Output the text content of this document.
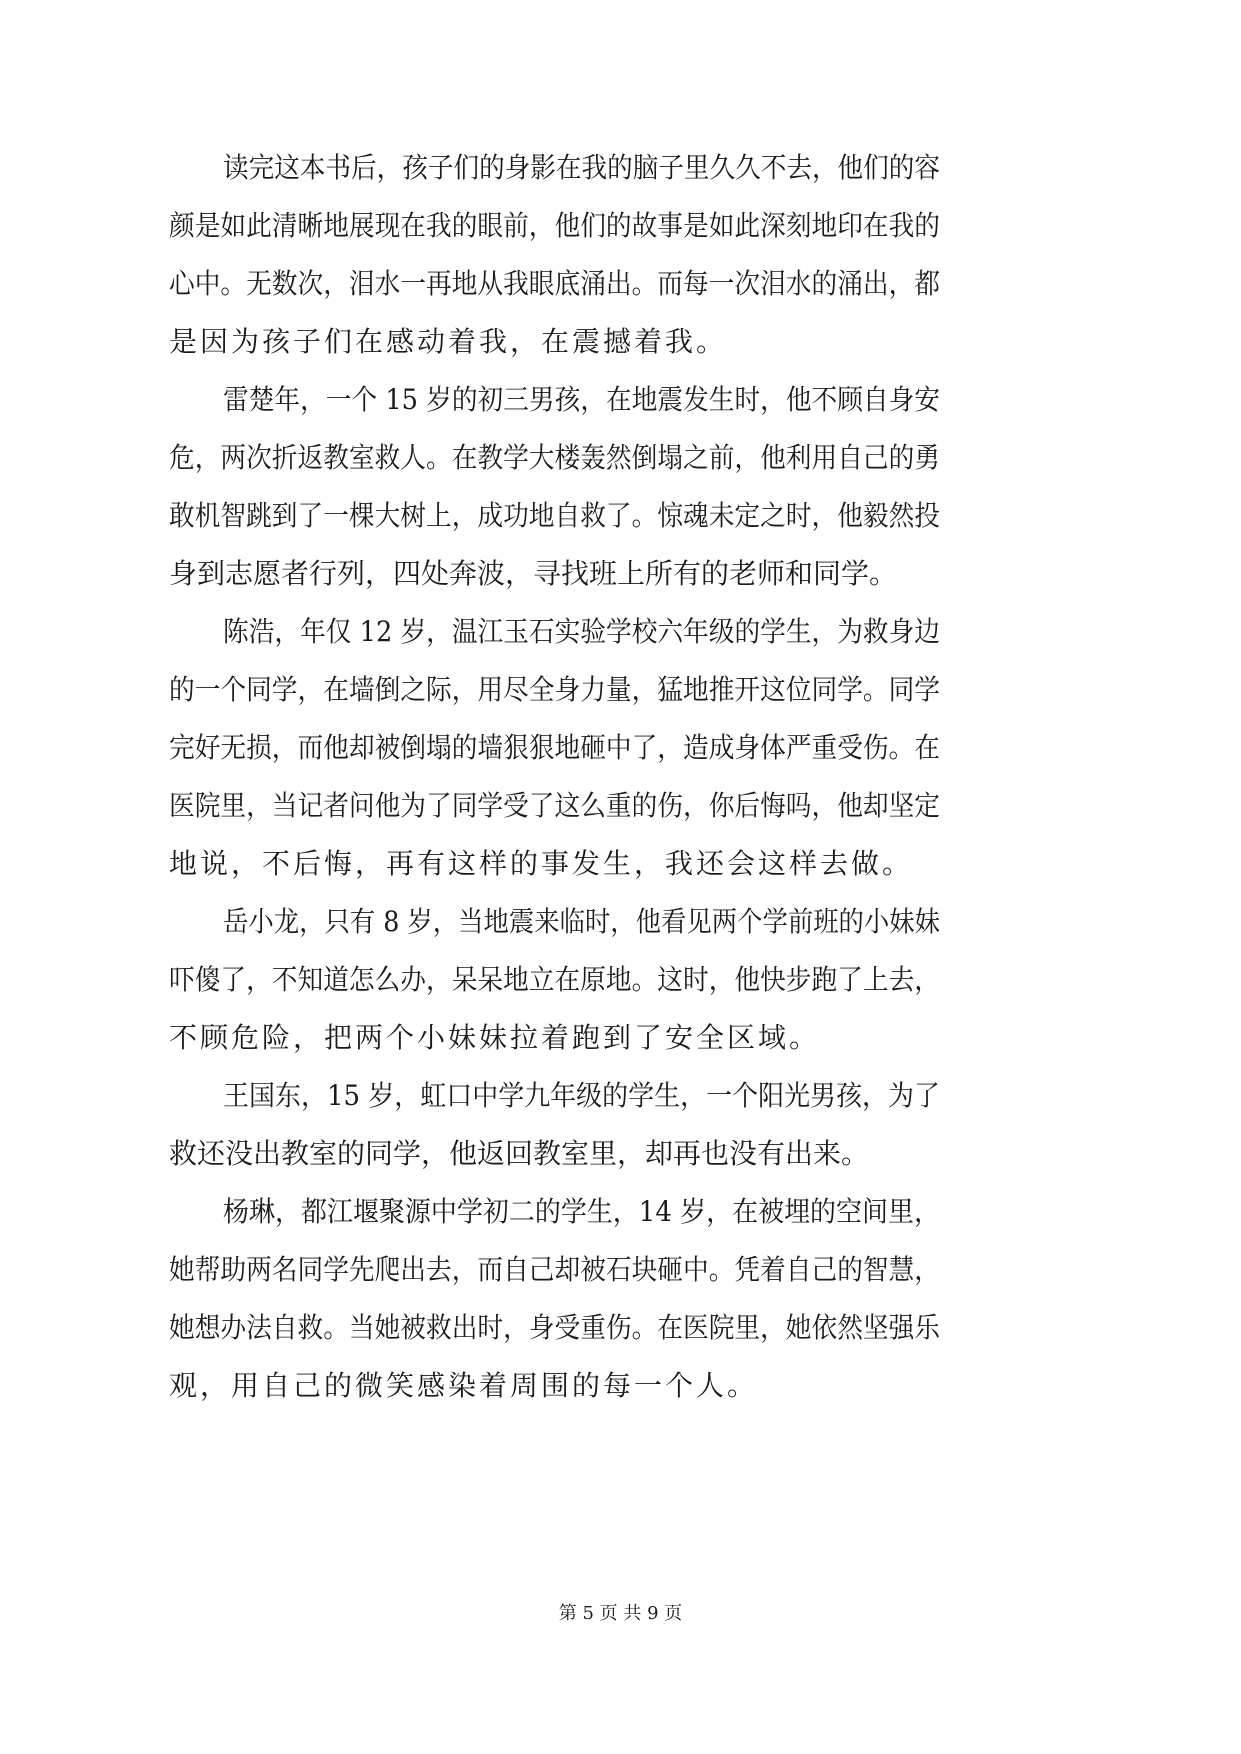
读完这本书后，孩子们的身影在我的脑子里久久不去，他们的容
颜是如此清晰地展现在我的眼前，他们的故事是如此深刻地印在我的
心中。无数次，泪水一再地从我眼底涌出。而每一次泪水的涌出，都
是因为孩子们在感动着我，在震撼着我。
雷楚年，一个 15 岁的初三男孩，在地震发生时，他不顾自身安
危，两次折返教室救人。在教学大楼轰然倒塌之前，他利用自己的勇
敢机智跳到了一棵大树上，成功地自救了。惊魂未定之时，他毅然投
身到志愿者行列，四处奔波，寻找班上所有的老师和同学。
陈浩，年仅 12 岁，温江玉石实验学校六年级的学生，为救身边
的一个同学，在墙倒之际，用尽全身力量，猛地推开这位同学。同学
完好无损，而他却被倒塌的墙狠狠地砸中了，造成身体严重受伤。在
医院里，当记者问他为了同学受了这么重的伤，你后悔吗，他却坚定
地说，不后悔，再有这样的事发生，我还会这样去做。
岳小龙，只有 8 岁，当地震来临时，他看见两个学前班的小妹妹
吓傻了，不知道怎么办，呆呆地立在原地。这时，他快步跑了上去，
不顾危险，把两个小妹妹拉着跑到了安全区域。
王国东，15 岁，虹口中学九年级的学生，一个阳光男孩，为了
救还没出教室的同学，他返回教室里，却再也没有出来。
杨琳，都江堰聚源中学初二的学生，14 岁，在被埋的空间里，
她帮助两名同学先爬出去，而自己却被石块砸中。凭着自己的智慧，
她想办法自救。当她被救出时，身受重伤。在医院里，她依然坚强乐
观，用自己的微笑感染着周围的每一个人。
第 5 页 共 9 页
